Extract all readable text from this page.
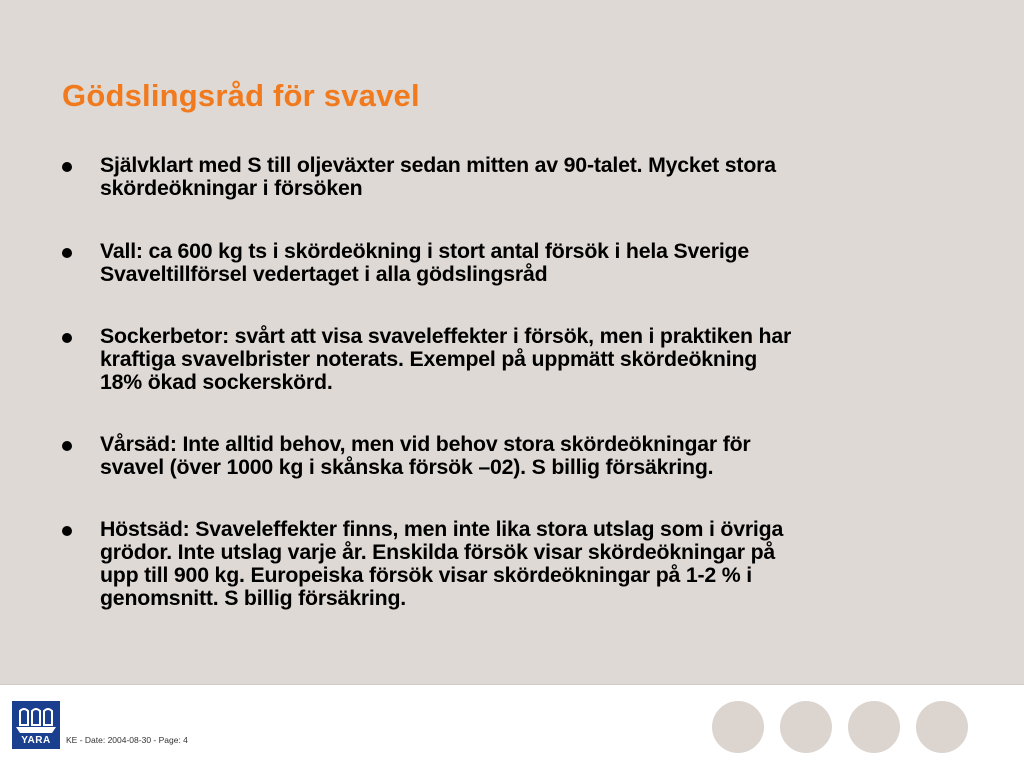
Gödslingsråd för svavel
Självklart med S till oljeväxter sedan mitten av 90-talet. Mycket stora
skördeökningar i försöken
Vall: ca 600 kg ts i skördeökning i stort antal försök i hela Sverige
Svaveltillförsel vedertaget i alla gödslingsråd
Sockerbetor: svårt att visa svaveleffekter i försök, men i praktiken har
kraftiga svavelbrister noterats. Exempel på uppmätt skördeökning
18% ökad sockerskörd.
Vårsäd: Inte alltid behov, men vid behov stora skördeökningar för
svavel (över 1000 kg i skånska försök –02). S billig försäkring.
Höstsäd: Svaveleffekter finns, men inte lika stora utslag som i övriga
grödor. Inte utslag varje år. Enskilda försök visar skördeökningar på
upp till 900 kg. Europeiska försök visar skördeökningar på 1-2 % i
genomsnitt. S billig försäkring.
YARA	KE - Date: 2004-08-30 - Page: 4
